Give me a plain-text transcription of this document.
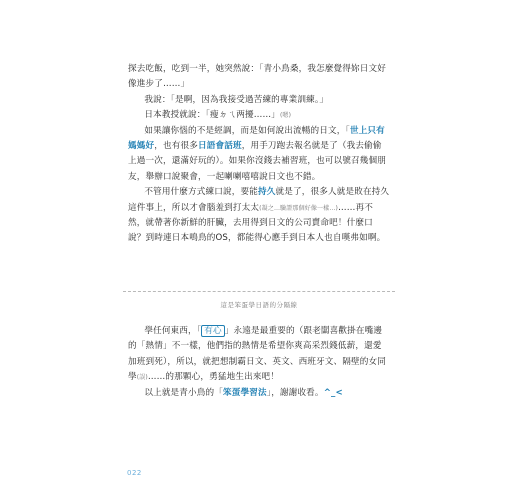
探去吃飯，吃到一半，她突然說：「青小鳥桑，我怎麼覺得妳日文好像進步了……」

我說：「是啊，因為我接受過苦練的專業訓練。」

日本教授就說：「瘦ㄉㄟ两擾……」(嗯)

如果讓你惱的不是經調，而是如何說出流暢的日文，「世上只有媽媽好，也有很多日語會話班，用手刀跑去報名就是了（我去偷偷上過一次，還滿好玩的）。如果你沒錢去補習班，也可以號召幾個朋友，舉辦口說聚會，一起喇喇嘻嘻說日文也不錯。

不管用什麼方式練口說，要能持久就是了，很多人就是敗在持久這件事上，所以才會腦羞到打太太(凝之…驗證那個好像一樣…)……再不然，就帶著你新鮮的肝臟，去用得到日文的公司賣命吧！什麼口說？到時連日本鳴鳥的OS，都能得心應手到日本人也自嘆弗如啊。

這是笨蛋學日語的分隔線

學任何東西，「 有心 」永遠是最重要的（跟老闆喜歡掛在嘴邊的「熱情」不一樣，他們指的熱情是希望你爽高采烈錢低薪，還愛加班到死），所以，就把想制霸日文、英文、西班牙文、隔壁的女同學(誤)……的那顆心，勇猛地生出來吧！

以上就是青小鳥的「笨蛋學習法」，謝謝收看。^_<

022
